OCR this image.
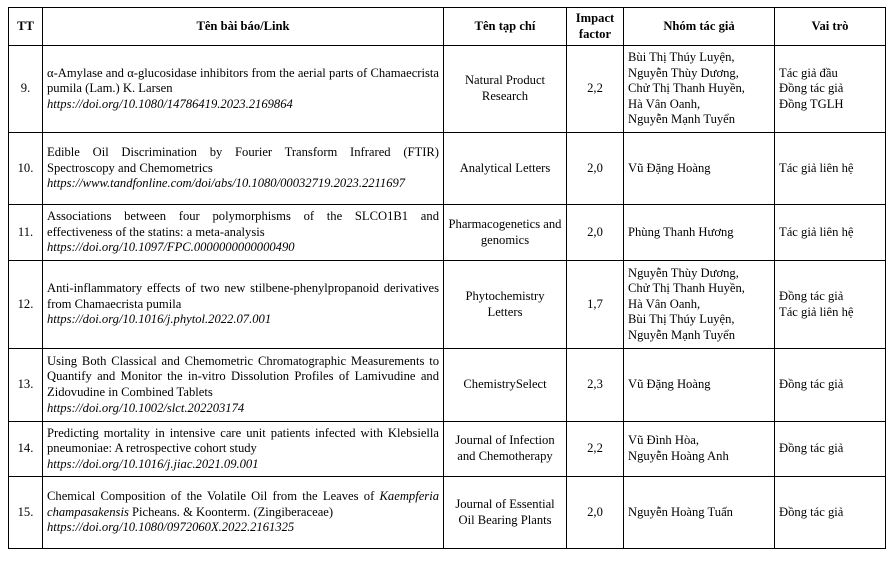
TT	Tên bài báo/Link	Tên tạp chí	Impact factor	Nhóm tác giả	Vai trò
9.	α-Amylase and α-glucosidase inhibitors from the aerial parts of Chamaecrista pumila (Lam.) K. Larsen
https://doi.org/10.1080/14786419.2023.2169864	Natural Product Research	2,2	Bùi Thị Thúy Luyện,
Nguyễn Thùy Dương,
Chử Thị Thanh Huyền,
Hà Vân Oanh,
Nguyễn Mạnh Tuyển	Tác giả đầu
Đồng tác giả
Đồng TGLH

10.	Edible Oil Discrimination by Fourier Transform Infrared (FTIR) Spectroscopy and Chemometrics
https://www.tandfonline.com/doi/abs/10.1080/00032719.2023.2211697	Analytical Letters	2,0	Vũ Đặng Hoàng	Tác giả liên hệ

11.	Associations between four polymorphisms of the SLCO1B1 and effectiveness of the statins: a meta-analysis
https://doi.org/10.1097/FPC.0000000000000490	Pharmacogenetics and genomics	2,0	Phùng Thanh Hương	Tác giả liên hệ

12.	Anti-inflammatory effects of two new stilbene-phenylpropanoid derivatives from Chamaecrista pumila
https://doi.org/10.1016/j.phytol.2022.07.001	Phytochemistry Letters	1,7	Nguyễn Thùy Dương,
Chử Thị Thanh Huyền,
Hà Vân Oanh,
Bùi Thị Thúy Luyện,
Nguyễn Mạnh Tuyển	Đồng tác giả
Tác giả liên hệ

13.	Using Both Classical and Chemometric Chromatographic Measurements to Quantify and Monitor the in-vitro Dissolution Profiles of Lamivudine and Zidovudine in Combined Tablets
https://doi.org/10.1002/slct.202203174	ChemistrySelect	2,3	Vũ Đặng Hoàng	Đồng tác giả

14.	Predicting mortality in intensive care unit patients infected with Klebsiella pneumoniae: A retrospective cohort study
https://doi.org/10.1016/j.jiac.2021.09.001	Journal of Infection and Chemotherapy	2,2	Vũ Đình Hòa,
Nguyễn Hoàng Anh	Đồng tác giả

15.	Chemical Composition of the Volatile Oil from the Leaves of Kaempferia champasakensis Picheans. & Koonterm. (Zingiberaceae)
https://doi.org/10.1080/0972060X.2022.2161325	Journal of Essential Oil Bearing Plants	2,0	Nguyễn Hoàng Tuấn	Đồng tác giả
